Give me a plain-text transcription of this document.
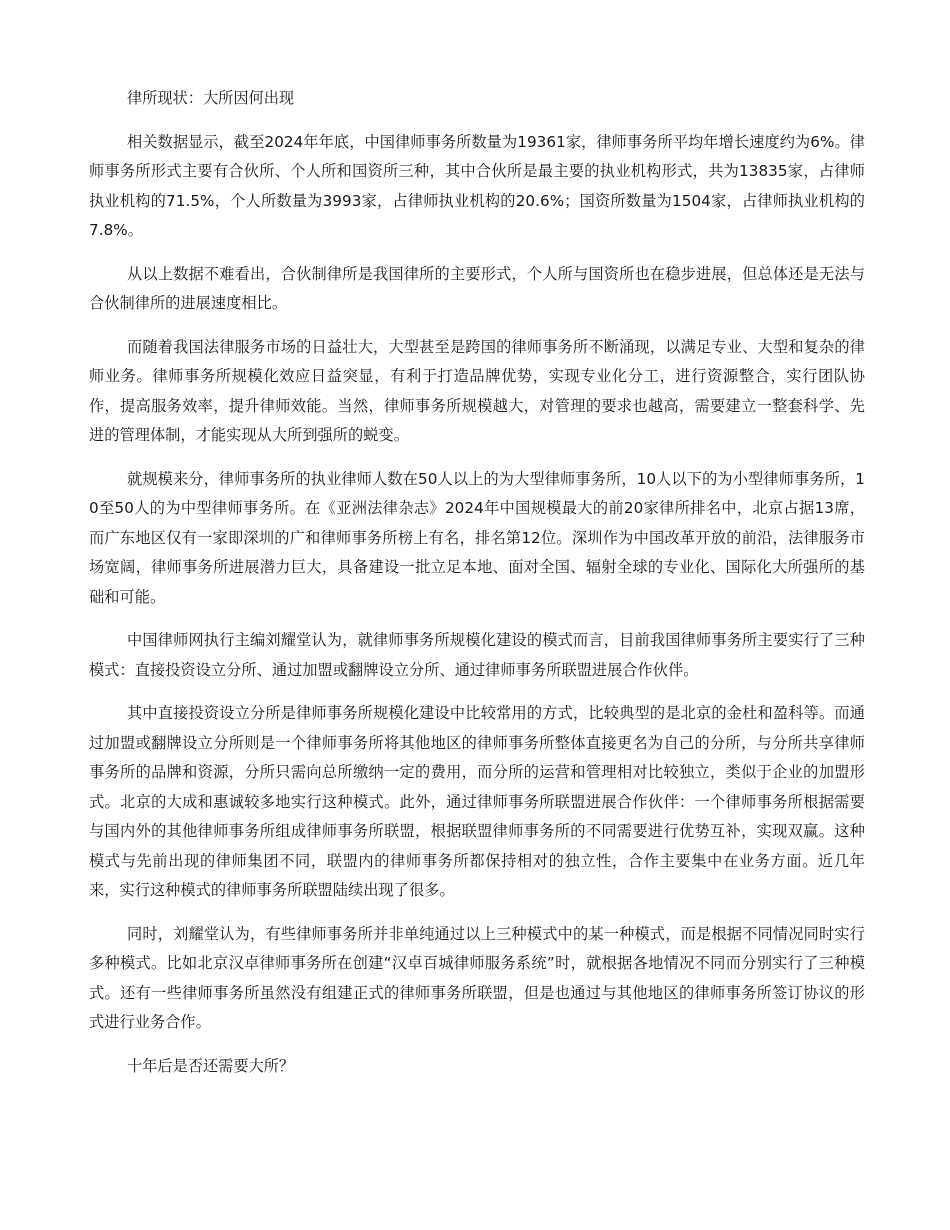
律所现状：大所因何出现

相关数据显示，截至2024年年底，中国律师事务所数量为19361家，律师事务所平均年增长速度约为6%。律师事务所形式主要有合伙所、个人所和国资所三种，其中合伙所是最主要的执业机构形式，共为13835家，占律师执业机构的71.5%，个人所数量为3993家，占律师执业机构的20.6%；国资所数量为1504家，占律师执业机构的7.8%。

从以上数据不难看出，合伙制律所是我国律所的主要形式，个人所与国资所也在稳步进展，但总体还是无法与合伙制律所的进展速度相比。

而随着我国法律服务市场的日益壮大，大型甚至是跨国的律师事务所不断涌现，以满足专业、大型和复杂的律师业务。律师事务所规模化效应日益突显，有利于打造品牌优势，实现专业化分工，进行资源整合，实行团队协作，提高服务效率，提升律师效能。当然，律师事务所规模越大，对管理的要求也越高，需要建立一整套科学、先进的管理体制，才能实现从大所到强所的蜕变。

就规模来分，律师事务所的执业律师人数在50人以上的为大型律师事务所，10人以下的为小型律师事务所，10至50人的为中型律师事务所。在《亚洲法律杂志》2024年中国规模最大的前20家律所排名中，北京占据13席，而广东地区仅有一家即深圳的广和律师事务所榜上有名，排名第12位。深圳作为中国改革开放的前沿，法律服务市场宽阔，律师事务所进展潜力巨大，具备建设一批立足本地、面对全国、辐射全球的专业化、国际化大所强所的基础和可能。

中国律师网执行主编刘耀堂认为，就律师事务所规模化建设的模式而言，目前我国律师事务所主要实行了三种模式：直接投资设立分所、通过加盟或翻牌设立分所、通过律师事务所联盟进展合作伙伴。

其中直接投资设立分所是律师事务所规模化建设中比较常用的方式，比较典型的是北京的金杜和盈科等。而通过加盟或翻牌设立分所则是一个律师事务所将其他地区的律师事务所整体直接更名为自己的分所，与分所共享律师事务所的品牌和资源，分所只需向总所缴纳一定的费用，而分所的运营和管理相对比较独立，类似于企业的加盟形式。北京的大成和惠诚较多地实行这种模式。此外，通过律师事务所联盟进展合作伙伴：一个律师事务所根据需要与国内外的其他律师事务所组成律师事务所联盟，根据联盟律师事务所的不同需要进行优势互补，实现双赢。这种模式与先前出现的律师集团不同，联盟内的律师事务所都保持相对的独立性，合作主要集中在业务方面。近几年来，实行这种模式的律师事务所联盟陆续出现了很多。

同时，刘耀堂认为，有些律师事务所并非单纯通过以上三种模式中的某一种模式，而是根据不同情况同时实行多种模式。比如北京汉卓律师事务所在创建“汉卓百城律师服务系统”时，就根据各地情况不同而分别实行了三种模式。还有一些律师事务所虽然没有组建正式的律师事务所联盟，但是也通过与其他地区的律师事务所签订协议的形式进行业务合作。

十年后是否还需要大所？
